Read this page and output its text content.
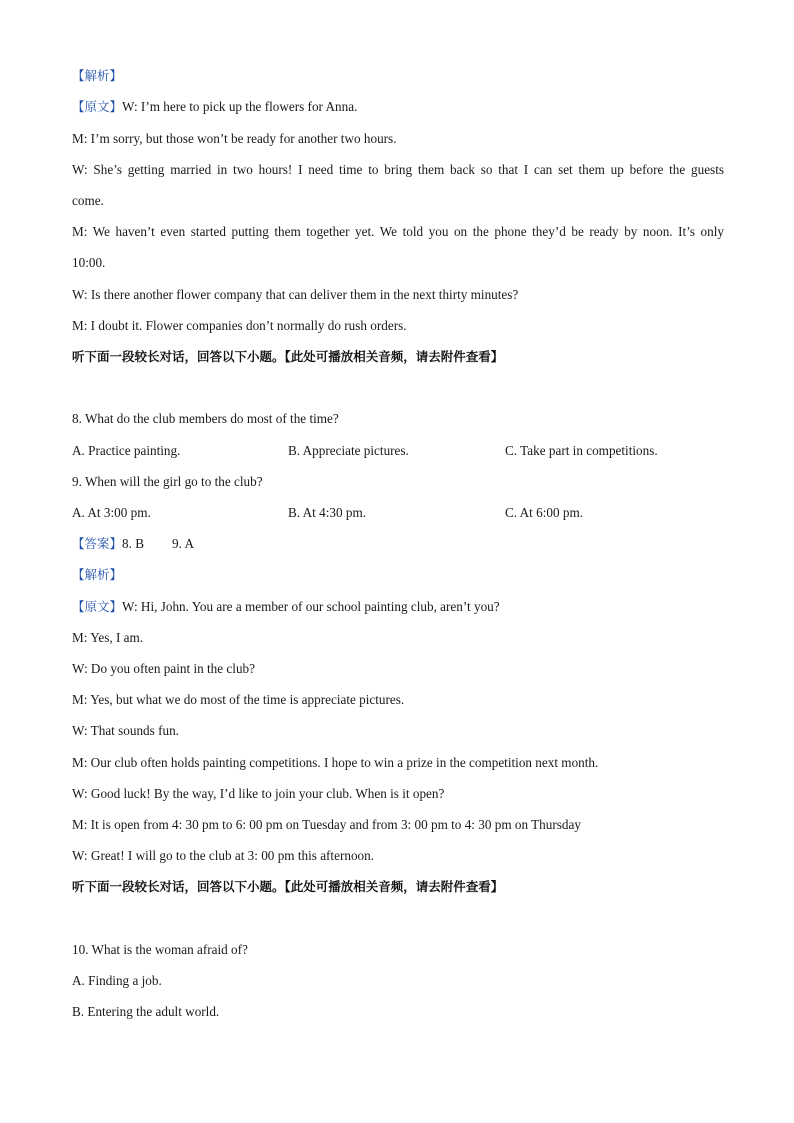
【解析】
【原文】W: I’m here to pick up the flowers for Anna.
M: I’m sorry, but those won’t be ready for another two hours.
W: She’s getting married in two hours! I need time to bring them back so that I can set them up before the guests
come.
M: We haven’t even started putting them together yet. We told you on the phone they’d be ready by noon. It’s only
10:00.
W: Is there another flower company that can deliver them in the next thirty minutes?
M: I doubt it. Flower companies don’t normally do rush orders.
听下面一段较长对话，回答以下小题。【此处可播放相关音频，请去附件查看】
8. What do the club members do most of the time?
A. Practice painting.	B. Appreciate pictures.	C. Take part in competitions.
9. When will the girl go to the club?
A. At 3:00 pm.	B. At 4:30 pm.	C. At 6:00 pm.
【答案】8. B 9. A
【解析】
【原文】W: Hi, John. You are a member of our school painting club, aren’t you?
M: Yes, I am.
W: Do you often paint in the club?
M: Yes, but what we do most of the time is appreciate pictures.
W: That sounds fun.
M: Our club often holds painting competitions. I hope to win a prize in the competition next month.
W: Good luck! By the way, I’d like to join your club. When is it open?
M: It is open from 4: 30 pm to 6: 00 pm on Tuesday and from 3: 00 pm to 4: 30 pm on Thursday
W: Great! I will go to the club at 3: 00 pm this afternoon.
听下面一段较长对话，回答以下小题。【此处可播放相关音频，请去附件查看】
10. What is the woman afraid of?
A. Finding a job.
B. Entering the adult world.
